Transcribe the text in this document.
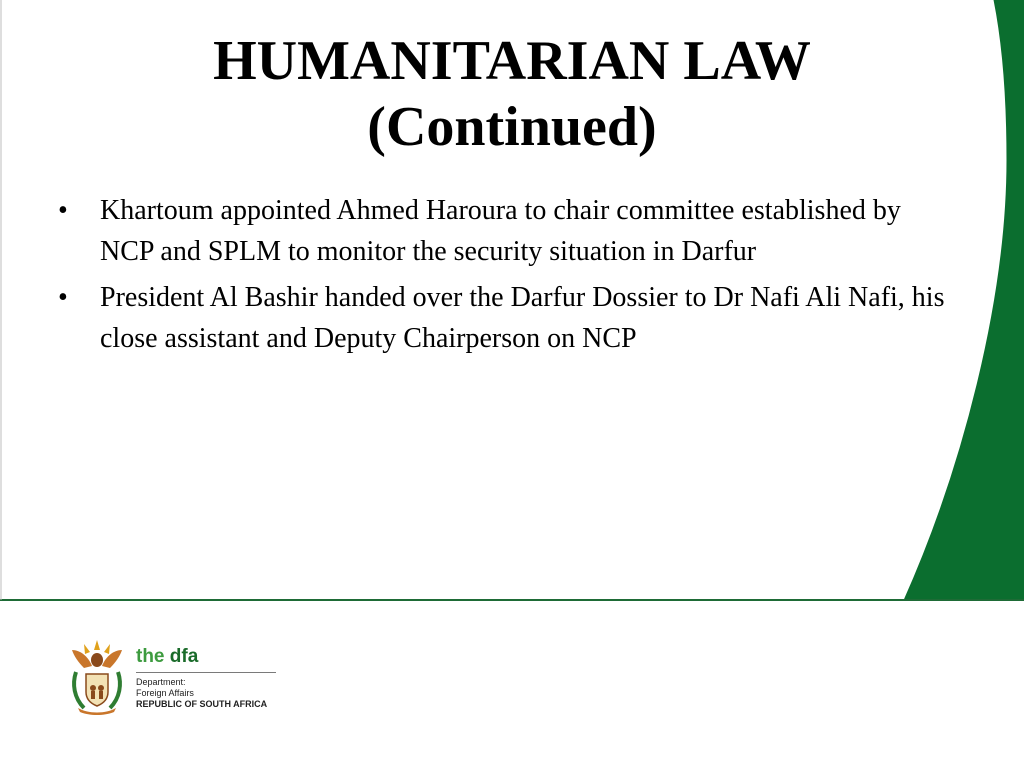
HUMANITARIAN LAW
(Continued)
• Khartoum appointed Ahmed Haroura to chair committee established by NCP and SPLM to monitor the security situation in Darfur
• President Al Bashir handed over the Darfur Dossier to Dr Nafi Ali Nafi, his close assistant and Deputy Chairperson on NCP
the dfa
Department:
Foreign Affairs
REPUBLIC OF SOUTH AFRICA
